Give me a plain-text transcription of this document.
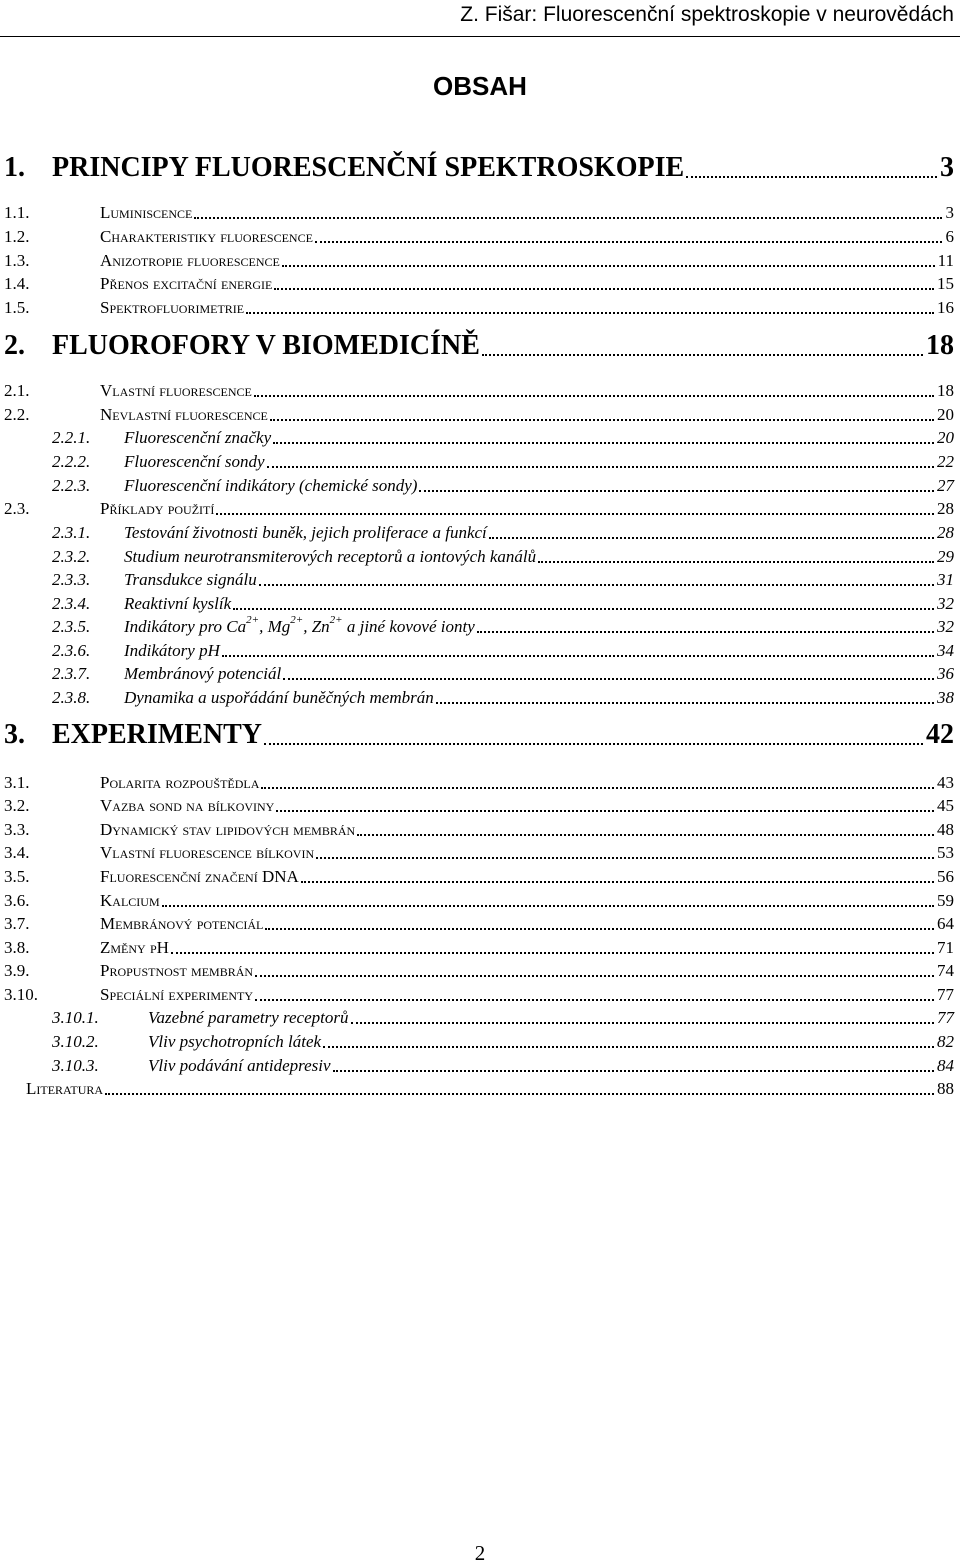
Z. Fišar: Fluorescenční spektroskopie v neurovědách
OBSAH
1. PRINCIPY FLUORESCENČNÍ SPEKTROSKOPIE	3
1.1.	Luminiscence	3
1.2.	Charakteristiky fluorescence	6
1.3.	Anizotropie fluorescence	11
1.4.	Přenos excitační energie	15
1.5.	Spektrofluorimetrie	16
2. FLUOROFORY V BIOMEDICÍNĚ	18
2.1.	Vlastní fluorescence	18
2.2.	Nevlastní fluorescence	20
2.2.1. Fluorescenční značky	20
2.2.2. Fluorescenční sondy	22
2.2.3. Fluorescenční indikátory (chemické sondy)	27
2.3.	Příklady použití	28
2.3.1. Testování životnosti buněk, jejich proliferace a funkcí	28
2.3.2. Studium neurotransmiterových receptorů a iontových kanálů	29
2.3.3. Transdukce signálu	31
2.3.4. Reaktivní kyslík	32
2.3.5. Indikátory pro $Ca^{2+}$, $Mg^{2+}$, $Zn^{2+}$ a jiné kovové ionty	32
2.3.6. Indikátory pH	34
2.3.7. Membránový potenciál	36
2.3.8. Dynamika a uspořádání buněčných membrán	38
3. EXPERIMENTY	42
3.1.	Polarita rozpouštědla	43
3.2.	Vazba sond na bílkoviny	45
3.3.	Dynamický stav lipidových membrán	48
3.4.	Vlastní fluorescence bílkovin	53
3.5.	Fluorescenční značení DNA	56
3.6.	Kalcium	59
3.7.	Membránový potenciál	64
3.8.	Změny pH	71
3.9.	Propustnost membrán	74
3.10.	Speciální experimenty	77
3.10.1.	Vazebné parametry receptorů	77
3.10.2.	Vliv psychotropních látek	82
3.10.3.	Vliv podávání antidepresiv	84
Literatura	88
2
